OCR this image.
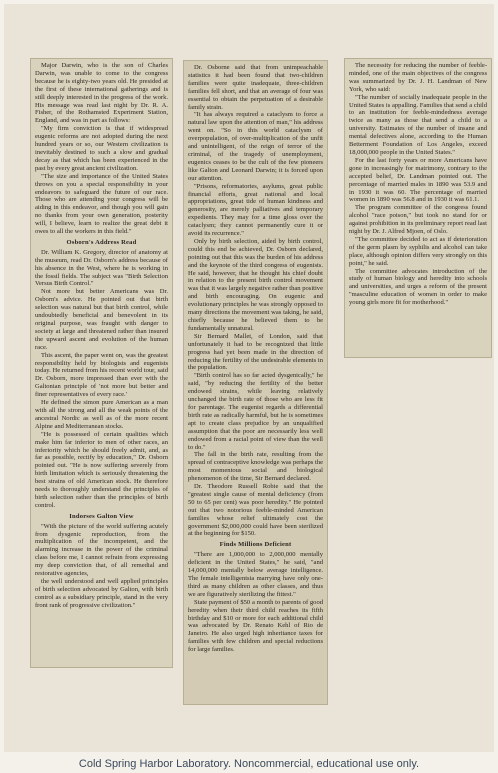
Major Darwin, who is the son of Charles Darwin, was unable to come to the congress because he is eighty-two years old. He presided at the first of these international gatherings and is still deeply interested in the progress of the work. His message was read last night by Dr. R. A. Fisher, of the Rothamsted Experiment Station, England, and was in part as follows:

"My firm conviction is that if widespread eugenic reforms are not adopted during the next hundred years or so, our Western civilization is inevitably destined to such a slow and gradual decay as that which has been experienced in the past by every great ancient civilization.

"The size and importance of the United States throws on you a special responsibility in your endeavors to safeguard the future of our race. Those who are attending your congress will be aiding in this endeavor, and though you will gain no thanks from your own generation, posterity will, I believe, learn to realize the great debt it owes to all the workers in this field."

Osborn's Address Read

Dr. William K. Gregory, director of anatomy at the museum, read Dr. Osborn's address because of his absence in the West, where he is working in the fossil fields. The subject was "Birth Selection Versus Birth Control."

Not more but better Americans was Dr. Osborn's advice. He pointed out that birth selection was natural but that birth control, while undoubtedly beneficial and benevolent in its original purpose, was fraught with danger to society at large and threatened rather than insured the upward ascent and evolution of the human race.

This ascent, the paper went on, was the greatest responsibility held by biologists and eugenists today. He returned from his recent world tour, said Dr. Osborn, more impressed than ever with the Galtonian principle of 'not more but better and finer representatives of every race.'

He defined the simon pure American as a man with all the strong and all the weak points of the ancestral Nordic as well as of the more recent Alpine and Mediterranean stocks.

"He is possessed of certain qualities which make him far inferior to men of other races, an inferiority which he should freely admit, and, as far as possible, rectify by education," Dr. Osborn pointed out. "He is now suffering severely from birth limitation which is seriously threatening the best strains of old American stock. He therefore needs to thoroughly understand the principles of birth selection rather than the principles of birth control.

Indorses Galton View

"With the picture of the world suffering acutely from dysgenic reproduction, from the multiplication of the incompetent, and the alarming increase in the power of the criminal class before me, I cannot refrain from expressing my deep conviction that, of all remedial and restorative agencies,

the well understood and well applied principles of birth selection advocated by Galton, with birth control as a subsidiary principle, stand in the very front rank of progressive civilization."

Dr. Osborne said that from unimpeachable statistics it had been found that two-children families were quite inadequate, three-children families fell short, and that an average of four was essential to obtain the perpetuation of a desirable family strain.

"It has always required a cataclysm to force a natural law upon the attention of man," his address went on. "So in this world cataclysm of overpopulation, of over-multiplication of the unfit and unintelligent, of the reign of terror of the criminal, of the tragedy of unemployment, eugenics ceases to be the cult of the few pioneers like Galton and Leonard Darwin; it is forced upon our attention.

"Prisons, reformatories, asylums, great public financial efforts, great national and local appropriations, great tide of human kindness and generosity, are merely palliatives and temporary expedients. They may for a time gloss over the cataclysm; they cannot permanently cure it or avoid its recurrence."

Only by birth selection, aided by birth control, could this end be achieved, Dr. Osborn declared, pointing out that this was the burden of his address and the keynote of the third congress of eugenists. He said, however, that he thought his chief doubt in relation to the present birth control movement was that it was largely negative rather than positive and birth encouraging. On eugenic and evolutionary principles he was strongly opposed to many directions the movement was taking, he said, chiefly because he believed them to be fundamentally unnatural.

Sir Bernard Mallet, of London, said that unfortunately it had to be recognized that little progress had yet been made in the direction of reducing the fertility of the undesirable elements in the population.

"Birth control has so far acted dysgenically," he said, "by reducing the fertility of the better endowed strains, while leaving relatively unchanged the birth rate of those who are less fit for parentage. The eugenist regards a differential birth rate as radically harmful, but he is sometimes apt to create class prejudice by an unqualified assumption that the poor are necessarily less well endowed from a racial point of view than the well to do."

The fall in the birth rate, resulting from the spread of contraceptive knowledge was perhaps the most momentous social and biological phenomenon of the time, Sir Bernard declared.

Dr. Theodore Russell Robie said that the "greatest single cause of mental deficiency (from 50 to 65 per cent) was poor heredity." He pointed out that two notorious feeble-minded American families whose relief ultimately cost the government $2,000,000 could have been sterilized at the beginning for $150.

Finds Millions Deficient

"There are 1,000,000 to 2,000,000 mentally deficient in the United States," he said, "and 14,000,000 mentally below average intelligence. The female intelligentsia marrying have only one-third as many children as other classes, and thus we are figuratively sterilizing the fittest."

State payment of $50 a month to parents of good heredity when their third child reaches its fifth birthday and $10 or more for each additional child was advocated by Dr. Renato Kehl of Rio de Janeiro. He also urged high inheritance taxes for families with few children and special reductions for large families.

The necessity for reducing the number of feeble-minded, one of the main objectives of the congress was summarized by Dr. J. H. Landman of New York, who said:

"The number of socially inadequate people in the United States is appalling. Families that send a child to an institution for feeble-mindedness average twice as many as those that send a child to a university. Estimates of the number of insane and mental defectives alone, according to the Human Betterment Foundation of Los Angeles, exceed 18,000,000 people in the United States."

For the last forty years or more Americans have gone in increasingly for matrimony, contrary to the accepted belief, Dr. Landman pointed out. The percentage of married males in 1890 was 53.9 and in 1930 it was 60. The percentage of married women in 1890 was 56.8 and in 1930 it was 61.1.

The program committee of the congress found alcohol "race poison," but took no stand for or against prohibition in its preliminary report read last night by Dr. J. Alfred Mjoen, of Oslo.

"The committee decided to act as if deterioration of the germ plasm by syphilis and alcohol can take place, although opinion differs very strongly on this point," he said.

The committee advocates introduction of the study of human biology and heredity into schools and universities, and urges a reform of the present "masculine education of women in order to make young girls more fit for motherhood."

Cold Spring Harbor Laboratory. Noncommercial, educational use only.
